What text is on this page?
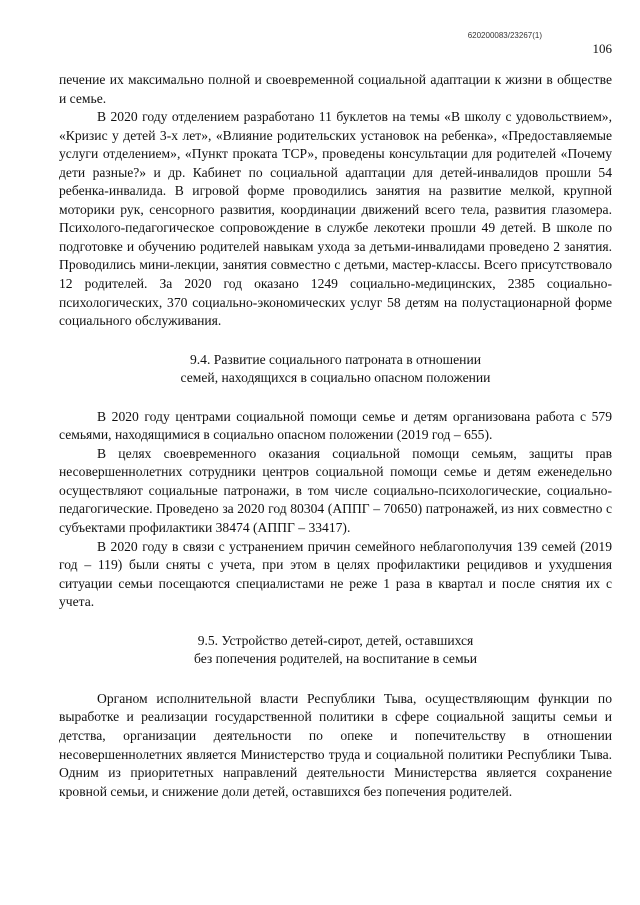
620200083/23267(1)
106

печение их максимально полной и своевременной социальной адаптации к жизни в обществе и семье.

В 2020 году отделением разработано 11 буклетов на темы «В школу с удовольствием», «Кризис у детей 3-х лет», «Влияние родительских установок на ребенка», «Предоставляемые услуги отделением», «Пункт проката ТСР», проведены консультации для родителей «Почему дети разные?» и др. Кабинет по социальной адаптации для детей-инвалидов прошли 54 ребенка-инвалида. В игровой форме проводились занятия на развитие мелкой, крупной моторики рук, сенсорного развития, координации движений всего тела, развития глазомера. Психолого-педагогическое сопровождение в службе лекотеки прошли 49 детей. В школе по подготовке и обучению родителей навыкам ухода за детьми-инвалидами проведено 2 занятия. Проводились мини-лекции, занятия совместно с детьми, мастер-классы. Всего присутствовало 12 родителей. За 2020 год оказано 1249 социально-медицинских, 2385 социально-психологических, 370 социально-экономических услуг 58 детям на полустационарной форме социального обслуживания.

9.4. Развитие социального патроната в отношении
семей, находящихся в социально опасном положении

В 2020 году центрами социальной помощи семье и детям организована работа с 579 семьями, находящимися в социально опасном положении (2019 год – 655).

В целях своевременного оказания социальной помощи семьям, защиты прав несовершеннолетних сотрудники центров социальной помощи семье и детям еженедельно осуществляют социальные патронажи, в том числе социально-психологические, социально-педагогические. Проведено за 2020 год 80304 (АППГ – 70650) патронажей, из них совместно с субъектами профилактики 38474 (АППГ – 33417).

В 2020 году в связи с устранением причин семейного неблагополучия 139 семей (2019 год – 119) были сняты с учета, при этом в целях профилактики рецидивов и ухудшения ситуации семьи посещаются специалистами не реже 1 раза в квартал и после снятия их с учета.

9.5. Устройство детей-сирот, детей, оставшихся
без попечения родителей, на воспитание в семьи

Органом исполнительной власти Республики Тыва, осуществляющим функции по выработке и реализации государственной политики в сфере социальной защиты семьи и детства, организации деятельности по опеке и попечительству в отношении несовершеннолетних является Министерство труда и социальной политики Республики Тыва. Одним из приоритетных направлений деятельности Министерства является сохранение кровной семьи, и снижение доли детей, оставшихся без попечения родителей.
